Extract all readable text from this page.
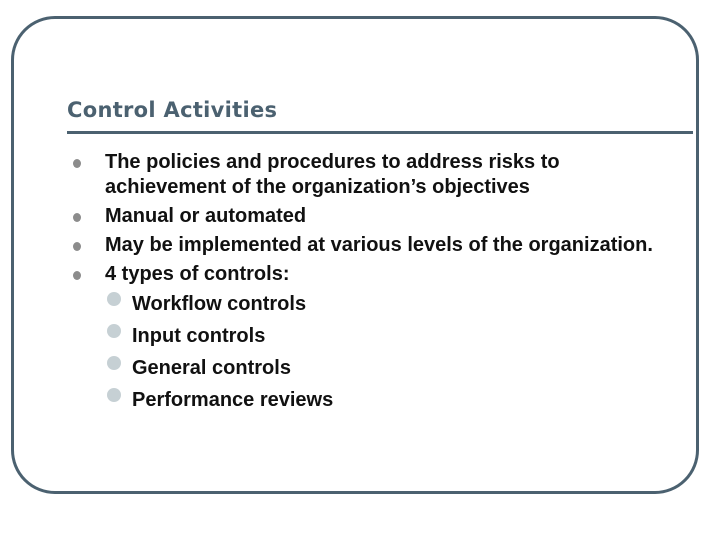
Control Activities
The policies and procedures to address risks to achievement of the organization’s objectives
Manual or automated
May be implemented at various levels of the organization.
4 types of controls:
Workflow controls
Input controls
General controls
Performance reviews
